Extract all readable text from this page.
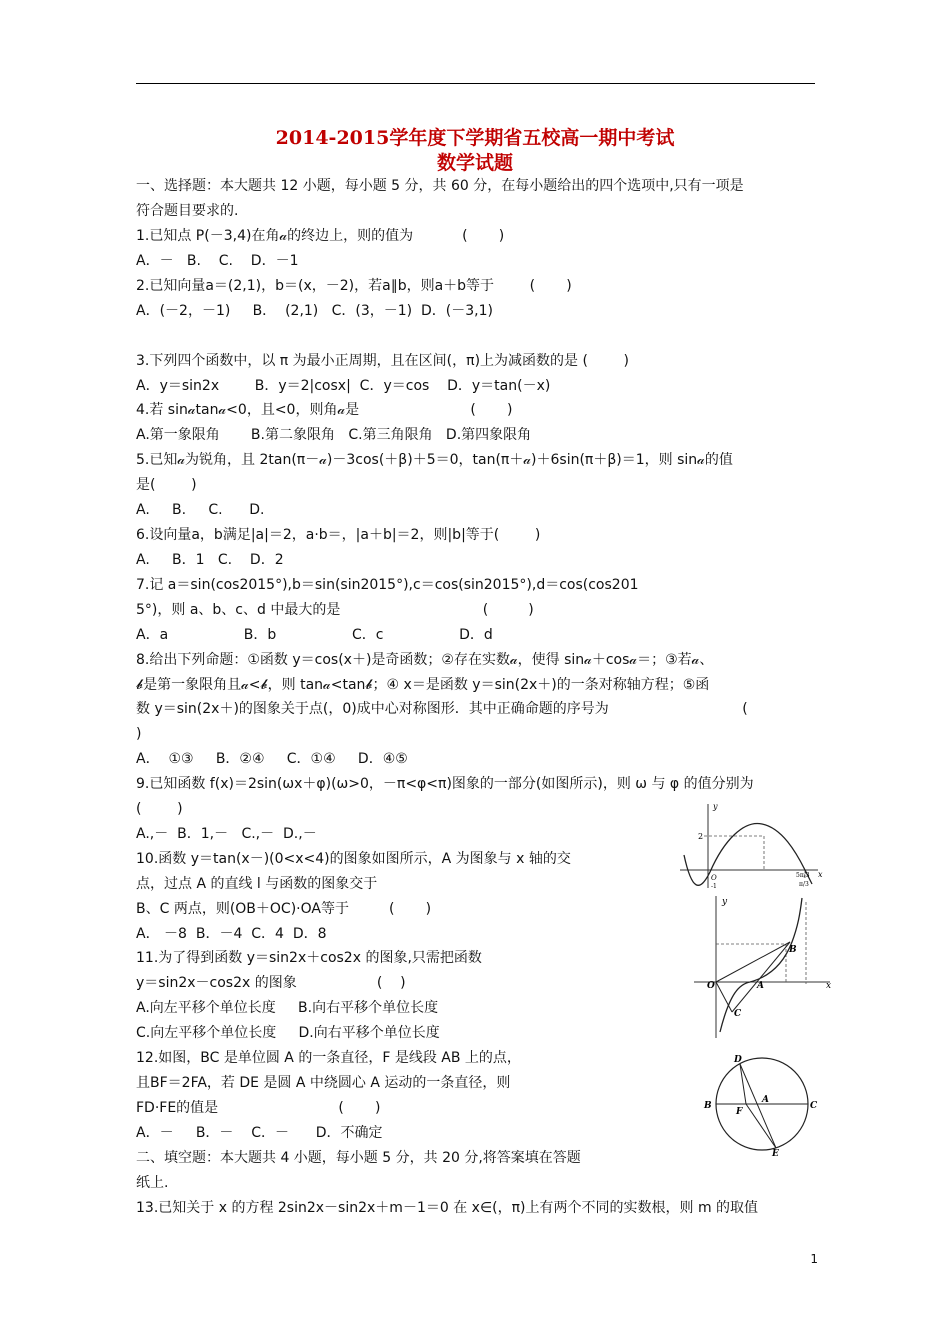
2014-2015学年度下学期省五校高一期中考试
数学试题
一、选择题：本大题共 12 小题，每小题 5 分，共 60 分，在每小题给出的四个选项中,只有一项是
符合题目要求的.
1.已知点 P(－3,4)在角𝒶的终边上，则的值为           (       )
A．－   B.    C.    D．－1
2.已知向量a＝(2,1)，b＝(x，－2)，若a∥b，则a＋b等于        (       )
A．(－2，－1)     B．  (2,1)   C．(3，－1)  D．(－3,1)
3.下列四个函数中，以 π 为最小正周期，且在区间(，π)上为减函数的是 (        )
A．y＝sin2x        B．y＝2|cosx|  C．y＝cos    D．y＝tan(－x)
4.若 sin𝒶tan𝒶<0，且<0，则角𝒶是                         (       )
A.第一象限角       B.第二象限角   C.第三角限角   D.第四象限角
5.已知𝒶为锐角，且 2tan(π－𝒶)－3cos(＋β)＋5＝0，tan(π＋𝒶)＋6sin(π＋β)＝1，则 sin𝒶的值
是(        )
A.     B.     C.      D.
6.设向量a，b满足|a|＝2，a·b＝，|a＋b|＝2，则|b|等于(        )
A.     B．1   C.    D．2
7.记 a＝sin(cos2015°),b＝sin(sin2015°),c＝cos(sin2015°),d＝cos(cos201
5°)，则 a、b、c、d 中最大的是                                (         )
A．a                 B．b                 C．c                 D．d
8.给出下列命题：①函数 y＝cos(x＋)是奇函数；②存在实数𝒶，使得 sin𝒶＋cos𝒶＝；③若𝒶、
𝓫是第一象限角且𝒶<𝓫，则 tan𝒶<tan𝓫；④ x＝是函数 y＝sin(2x＋)的一条对称轴方程；⑤函
数 y＝sin(2x＋)的图象关于点(，0)成中心对称图形．其中正确命题的序号为                              (
)
A．  ①③     B．②④     C．①④     D．④⑤
9.已知函数 f(x)＝2sin(ωx＋φ)(ω>0，－π<φ<π)图象的一部分(如图所示)，则 ω 与 φ 的值分别为
(        )
A.,－  B．1,－   C.,－  D.,－
10.函数 y＝tan(x－)(0<x<4)的图象如图所示，A 为图象与 x 轴的交
点，过点 A 的直线 l 与函数的图象交于
B、C 两点，则(OB＋OC)·OA等于         (       )
A． －8  B．－4  C．4  D．8
11.为了得到函数 y＝sin2x＋cos2x 的图象,只需把函数
y＝sin2x－cos2x 的图象                  (    )
A.向左平移个单位长度     B.向右平移个单位长度
C.向左平移个单位长度     D.向右平移个单位长度
12.如图，BC 是单位圆 A 的一条直径，F 是线段 AB 上的点，
且BF＝2FA，若 DE 是圆 A 中绕圆心 A 运动的一条直径，则
FD·FE的值是                           (       )
A．－     B．－    C．－      D．不确定
二、填空题：本大题共 4 小题，每小题 5 分，共 20 分,将答案填在答题
纸上.
13.已知关于 x 的方程 2sin2x－sin2x＋m－1＝0 在 x∈(，π)上有两个不同的实数根，则 m 的取值
y
2
O
-1
5π/3 x
π/3
y
B
O	A	x
C
D
B
F
A
C
E
1
